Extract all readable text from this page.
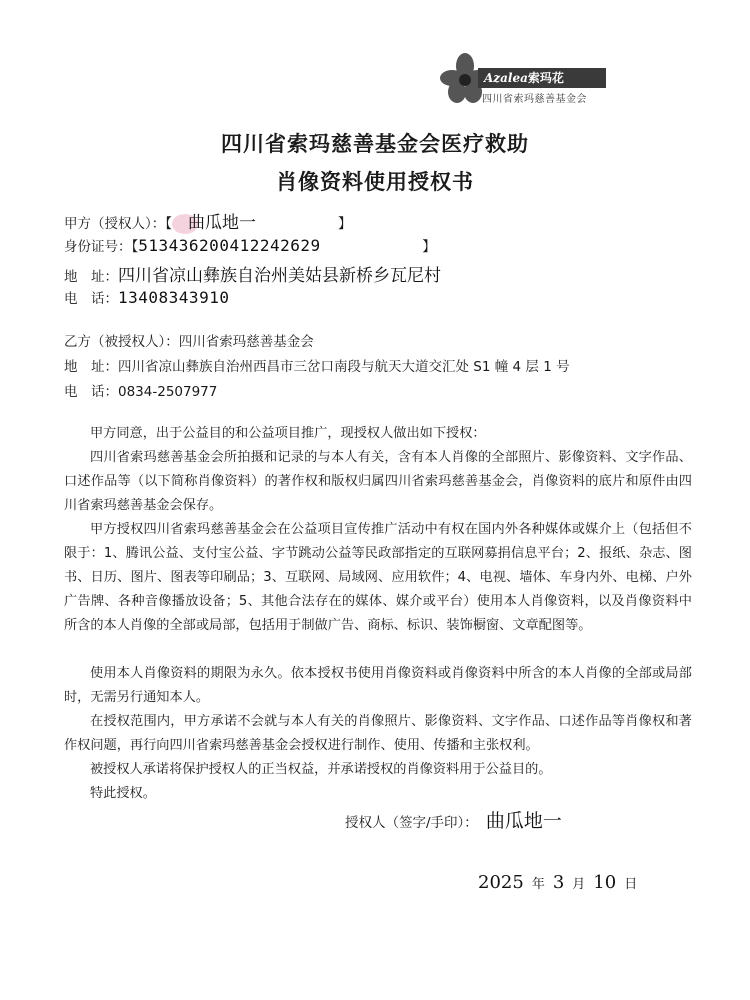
Azalea索玛花
四川省索玛慈善基金会
四川省索玛慈善基金会医疗救助
肖像资料使用授权书
甲方（授权人）：【 曲瓜地一	】
身份证号：【513436200412242629	】
地　址：四川省凉山彝族自治州美姑县新桥乡瓦尼村
电　话：13408343910
乙方（被授权人）：四川省索玛慈善基金会
地　址：四川省凉山彝族自治州西昌市三岔口南段与航天大道交汇处 S1 幢 4 层 1 号
电　话：0834-2507977
甲方同意，出于公益目的和公益项目推广，现授权人做出如下授权：
四川省索玛慈善基金会所拍摄和记录的与本人有关，含有本人肖像的全部照片、影像资料、文字作品、口述作品等（以下简称肖像资料）的著作权和版权归属四川省索玛慈善基金会，肖像资料的底片和原件由四川省索玛慈善基金会保存。
甲方授权四川省索玛慈善基金会在公益项目宣传推广活动中有权在国内外各种媒体或媒介上（包括但不限于：1、腾讯公益、支付宝公益、字节跳动公益等民政部指定的互联网募捐信息平台；2、报纸、杂志、图书、日历、图片、图表等印刷品；3、互联网、局域网、应用软件；4、电视、墙体、车身内外、电梯、户外广告牌、各种音像播放设备；5、其他合法存在的媒体、媒介或平台）使用本人肖像资料，以及肖像资料中所含的本人肖像的全部或局部，包括用于制做广告、商标、标识、装饰橱窗、文章配图等。
使用本人肖像资料的期限为永久。依本授权书使用肖像资料或肖像资料中所含的本人肖像的全部或局部时，无需另行通知本人。
在授权范围内，甲方承诺不会就与本人有关的肖像照片、影像资料、文字作品、口述作品等肖像权和著作权问题，再行向四川省索玛慈善基金会授权进行制作、使用、传播和主张权利。
被授权人承诺将保护授权人的正当权益，并承诺授权的肖像资料用于公益目的。
特此授权。
授权人（签字/手印）： 曲瓜地一
2025 年 3 月 10 日
